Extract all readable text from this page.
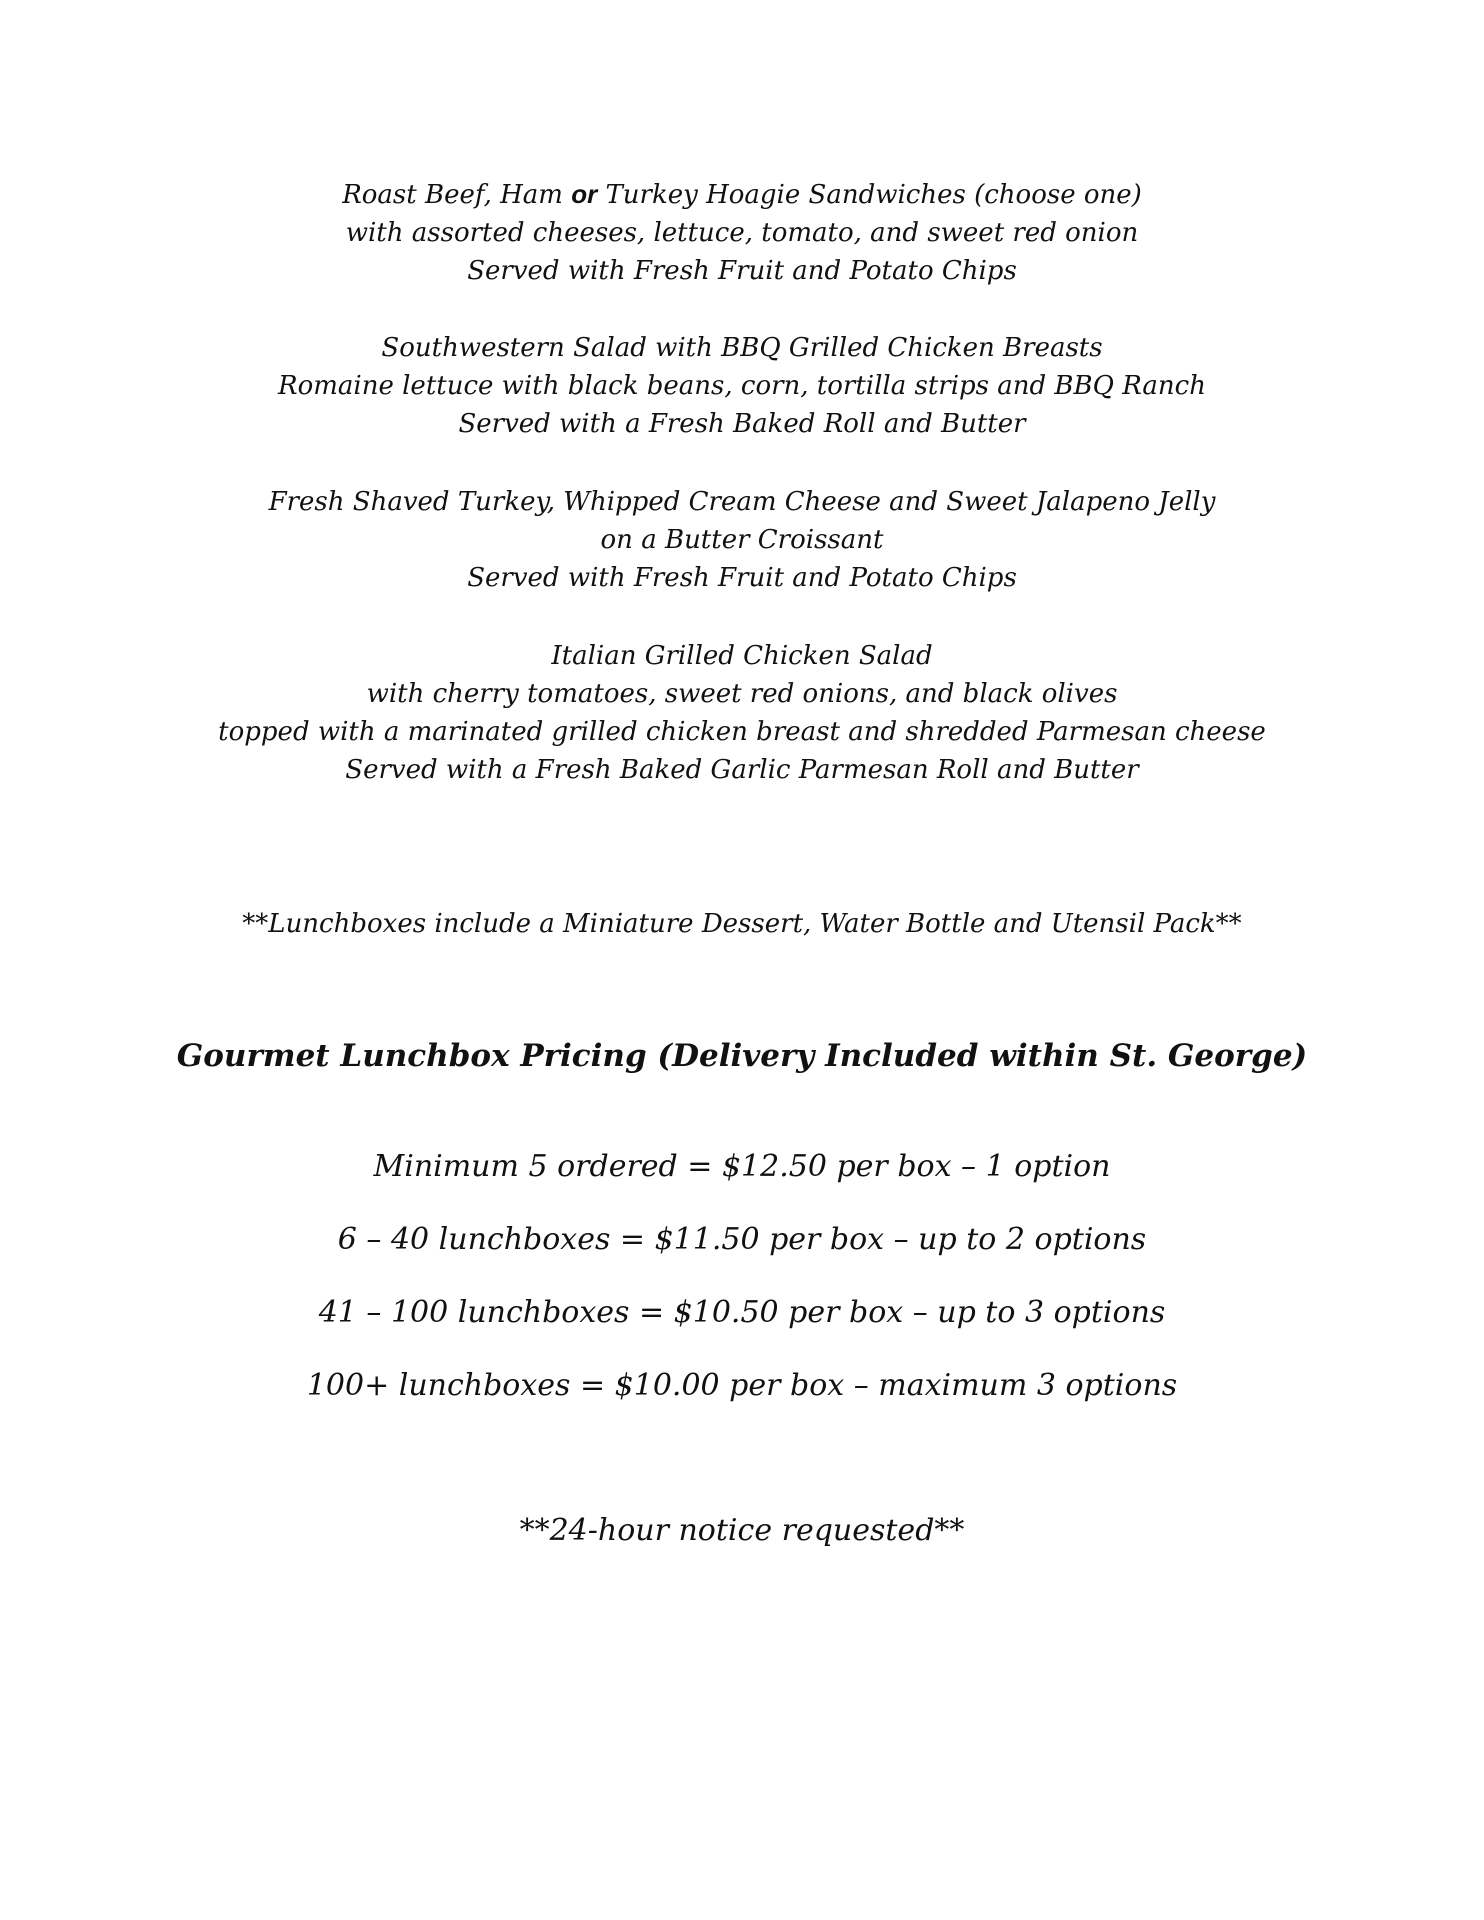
Roast Beef, Ham or Turkey Hoagie Sandwiches (choose one)
with assorted cheeses, lettuce, tomato, and sweet red onion
Served with Fresh Fruit and Potato Chips
Southwestern Salad with BBQ Grilled Chicken Breasts
Romaine lettuce with black beans, corn, tortilla strips and BBQ Ranch
Served with a Fresh Baked Roll and Butter
Fresh Shaved Turkey, Whipped Cream Cheese and Sweet Jalapeno Jelly
on a Butter Croissant
Served with Fresh Fruit and Potato Chips
Italian Grilled Chicken Salad
with cherry tomatoes, sweet red onions, and black olives
topped with a marinated grilled chicken breast and shredded Parmesan cheese
Served with a Fresh Baked Garlic Parmesan Roll and Butter
**Lunchboxes include a Miniature Dessert, Water Bottle and Utensil Pack**
Gourmet Lunchbox Pricing (Delivery Included within St. George)
Minimum 5 ordered = $12.50 per box – 1 option
6 – 40 lunchboxes = $11.50 per box – up to 2 options
41 – 100 lunchboxes = $10.50 per box – up to 3 options
100+ lunchboxes = $10.00 per box – maximum 3 options
**24-hour notice requested**
